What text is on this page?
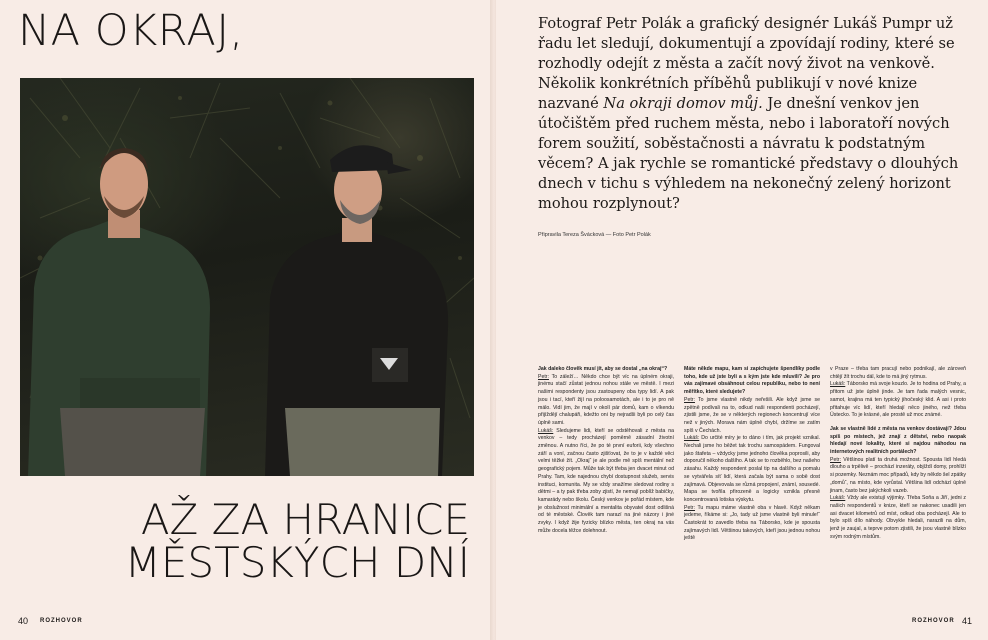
NA OKRAJ,
AŽ ZA HRANICE
MĚSTSKÝCH DNÍ
40 ROZHOVOR
Fotograf Petr Polák a grafický designér Lukáš Pumpr už řadu let sledují, dokumentují a zpovídají rodiny, které se rozhodly odejít z města a začít nový život na venkově. Několik konkrétních příběhů publikují v nové knize nazvané Na okraji domov můj. Je dnešní venkov jen útočištěm před ruchem města, nebo i laboratoří nových forem soužití, soběstačnosti a návratu k podstatným věcem? A jak rychle se romantické představy o dlouhých dnech v tichu s výhledem na nekonečný zelený horizont mohou rozplynout?
Připravila Tereza Švácková — Foto Petr Polák

Jak daleko člověk musí jít, aby se dostal „na okraj“?

Petr: To záleží… Někdo chce být víc na úplném okraji, jinému stačí zůstat jednou nohou stále ve městě. I mezi našimi respondenty jsou zastoupeny oba typy lidí. A pak jsou i tací, kteří žijí na poloosamotách, ale i to je pro ně málo. Vidí jim, že mají v okolí pár domů, kam o víkendu přijíždějí chalupáři, kdežto oni by nejradši byli po celý čas úplně sami.

Lukáš: Sledujeme lidi, kteří se odstěhovali z města na venkov – tedy procházejí poměrně zásadní životní změnou. A nutno říci, že po té první euforii, kdy všechno září a voní, začnou často zjišťovat, že to je v každé věci velmi těžké žít. „Okraj“ je ale podle mě spíš mentální než geografický pojem. Může tak být třeba jen dvacet minut od Prahy. Tam, kde najednou chybí dostupnost služeb, servis instituci, komunita. My se vždy snažíme sledovat rodiny s dětmi – a ty pak třeba zoby zjistí, že nemají poblíž babičky, kamarády nebo školu. Český venkov je pořád místem, kde je obslužnost minimální a mentalita obyvatel dost odlišná od té městské. Člověk tam narazí na jiné názory i jiné zvyky. I když žije fyzicky blízko města, ten okraj na vás může docela těžce dolehnout.

Máte někde mapu, kam si zapichujete špendlíky podle toho, kde už jste byli a s kým jste kde mluvili? Je pro vás zajímavé obsáhnout celou republiku, nebo to není měřítko, které sledujete?

Petr: To jsme vlastně nikdy neřešili. Ale když jsme se zpětně podívali na to, odkud naši respondenti pocházejí, zjistili jsme, že se v některých regionech koncentrují více než v jiných. Morava nám úplně chybí, držíme se zatím spíš v Čechách.

Lukáš: Do určité míry je to dáno i tím, jak projekt vznikal. Nechali jsme ho běžet tak trochu samospádem. Fungoval jako štafeta – vždycky jsme jednoho člověka poprosili, aby doporučil někoho dalšího. A tak se to rozběhlo, bez našeho zásahu. Každý respondent poslal tip na dalšího a pomalu se vytvářela síť lidí, která začala být sama o sobě dost zajímavá. Objevovala se různá propojení, známí, sousedé. Mapa se tvořila přirozeně a logicky vznikla přesně koncentrovaná lotiska výskytu.

Petr: Tu mapu máme vlastně oba v hlavě. Když někam jedeme, říkáme si: „Jo, tady už jsme vlastně byli minule!“ Častokrát to zavedlo třeba na Táborsko, kde je spousta zajímavých lidí. Většinou takových, kteří jsou jednou nohou ještě

v Praze – třeba tam pracují nebo podnikají, ale zároveň chtějí žít trochu dál, kde to má jiný rytmus.

Lukáš: Táborsko má svoje kouzlo. Je to hodina od Prahy, a přitom už jste úplně jinde. Je tam řada malých vesnic, samot, krajina má ten typický jihočeský klid. A asi i proto přitahuje víc lidí, kteří hledají něco jiného, než třeba Ústecko. To je krásné, ale prostě už moc známé.

Jak se vlastně lidé z města na venkov dostávají? Jdou spíš po místech, jež znají z dětství, nebo naopak hledají nové lokality, které si najdou náhodou na internetových realitních portálech?

Petr: Většinou platí ta druhá možnost. Spousta lidí hledá dlouho a trpělivě – prochází inzeráty, objíždí domy, prohlíží si pozemky. Neznám moc případů, kdy by někdo šel zpátky „domů“, na místo, kde vyrůstal. Většina lidí odchází úplně jinam, často bez jakýchkoli vazeb.

Lukáš: Vždy ale existují výjimky. Třeba Soňa a Jiří, jedni z našich respondentů v knize, kteří se nakonec usadili jen asi dvacet kilometrů od míst, odkud oba pocházejí. Ale to bylo spíš dílo náhody. Obvykle hledali, narazili na dům, jenž je zaujal, a teprve potom zjistili, že jsou vlastně blízko svým rodným místům.

ROZHOVOR 41
